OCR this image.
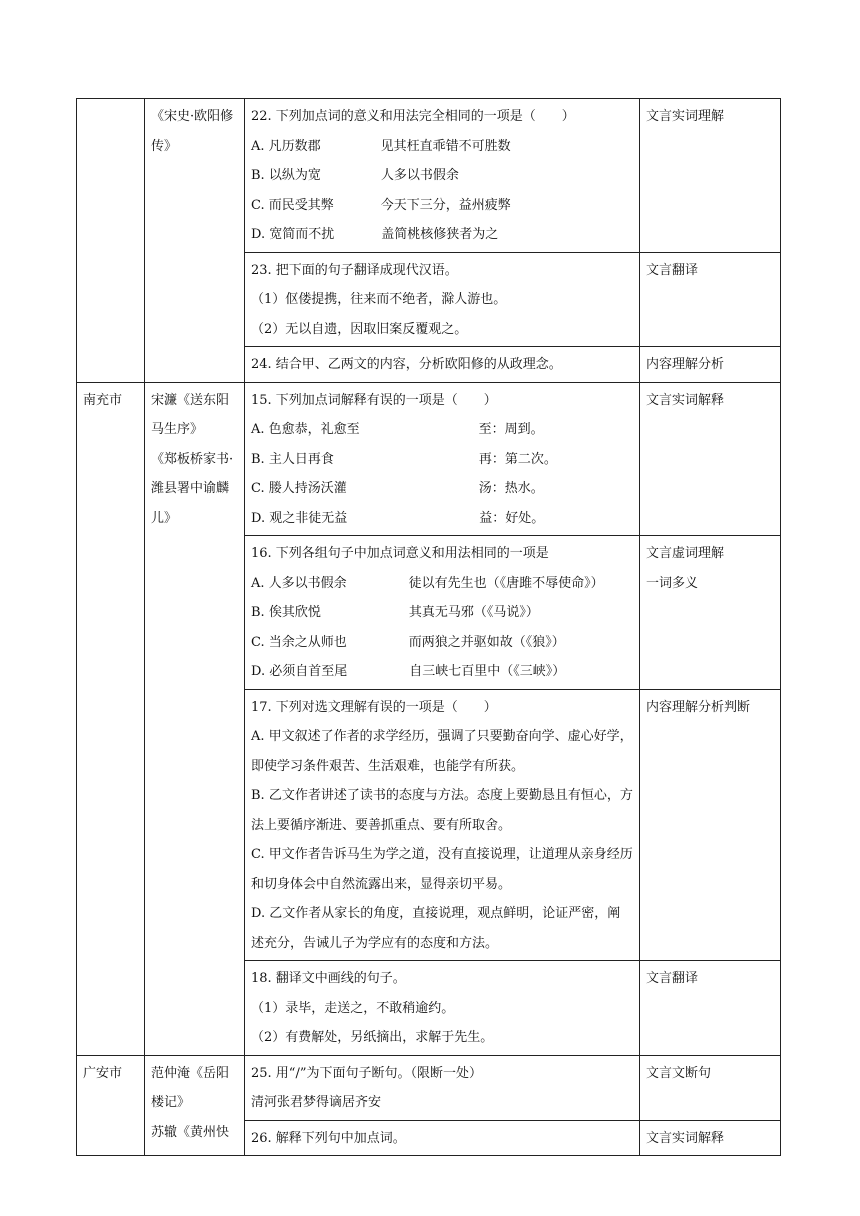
	《宋史·欧阳修传》	22. 下列加点词的意义和用法完全相同的一项是（　　）
A. 凡历数郡 见其枉直乖错不可胜数
B. 以纵为宽 人多以书假余
C. 而民受其弊 今天下三分，益州疲弊
D. 宽简而不扰 盖简桃核修狭者为之	文言实词理解

		23. 把下面的句子翻译成现代汉语。
（1）伛偻提携，往来而不绝者，滁人游也。
（2）无以自遗，因取旧案反覆观之。	文言翻译

		24. 结合甲、乙两文的内容，分析欧阳修的从政理念。	内容理解分析
南充市	宋濂《送东阳马生序》
《郑板桥家书·潍县署中谕麟儿》	15. 下列加点词解释有误的一项是（　　）
A. 色愈恭，礼愈至 至：周到。
B. 主人日再食 再：第二次。
C. 媵人持汤沃灌 汤：热水。
D. 观之非徒无益 益：好处。	文言实词解释

		16. 下列各组句子中加点词意义和用法相同的一项是
A. 人多以书假余 徒以有先生也（《唐雎不辱使命》）
B. 俟其欣悦 其真无马邪（《马说》）
C. 当余之从师也 而两狼之并驱如故（《狼》）
D. 必须自首至尾 自三峡七百里中（《三峡》）	文言虚词理解
一词多义

		17. 下列对选文理解有误的一项是（　　）
A. 甲文叙述了作者的求学经历，强调了只要勤奋向学、虚心好学，即使学习条件艰苦、生活艰难，也能学有所获。
B. 乙文作者讲述了读书的态度与方法。态度上要勤恳且有恒心，方法上要循序渐进、要善抓重点、要有所取舍。
C. 甲文作者告诉马生为学之道，没有直接说理，让道理从亲身经历和切身体会中自然流露出来，显得亲切平易。
D. 乙文作者从家长的角度，直接说理，观点鲜明，论证严密，阐述充分，告诫儿子为学应有的态度和方法。	内容理解分析判断

		18. 翻译文中画线的句子。
（1）录毕，走送之，不敢稍逾约。
（2）有费解处，另纸摘出，求解于先生。	文言翻译
广安市	范仲淹《岳阳楼记》
苏辙《黄州快	25. 用“/”为下面句子断句。（限断一处）
清河张君梦得谪居齐安	文言文断句

		26. 解释下列句中加点词。	文言实词解释
